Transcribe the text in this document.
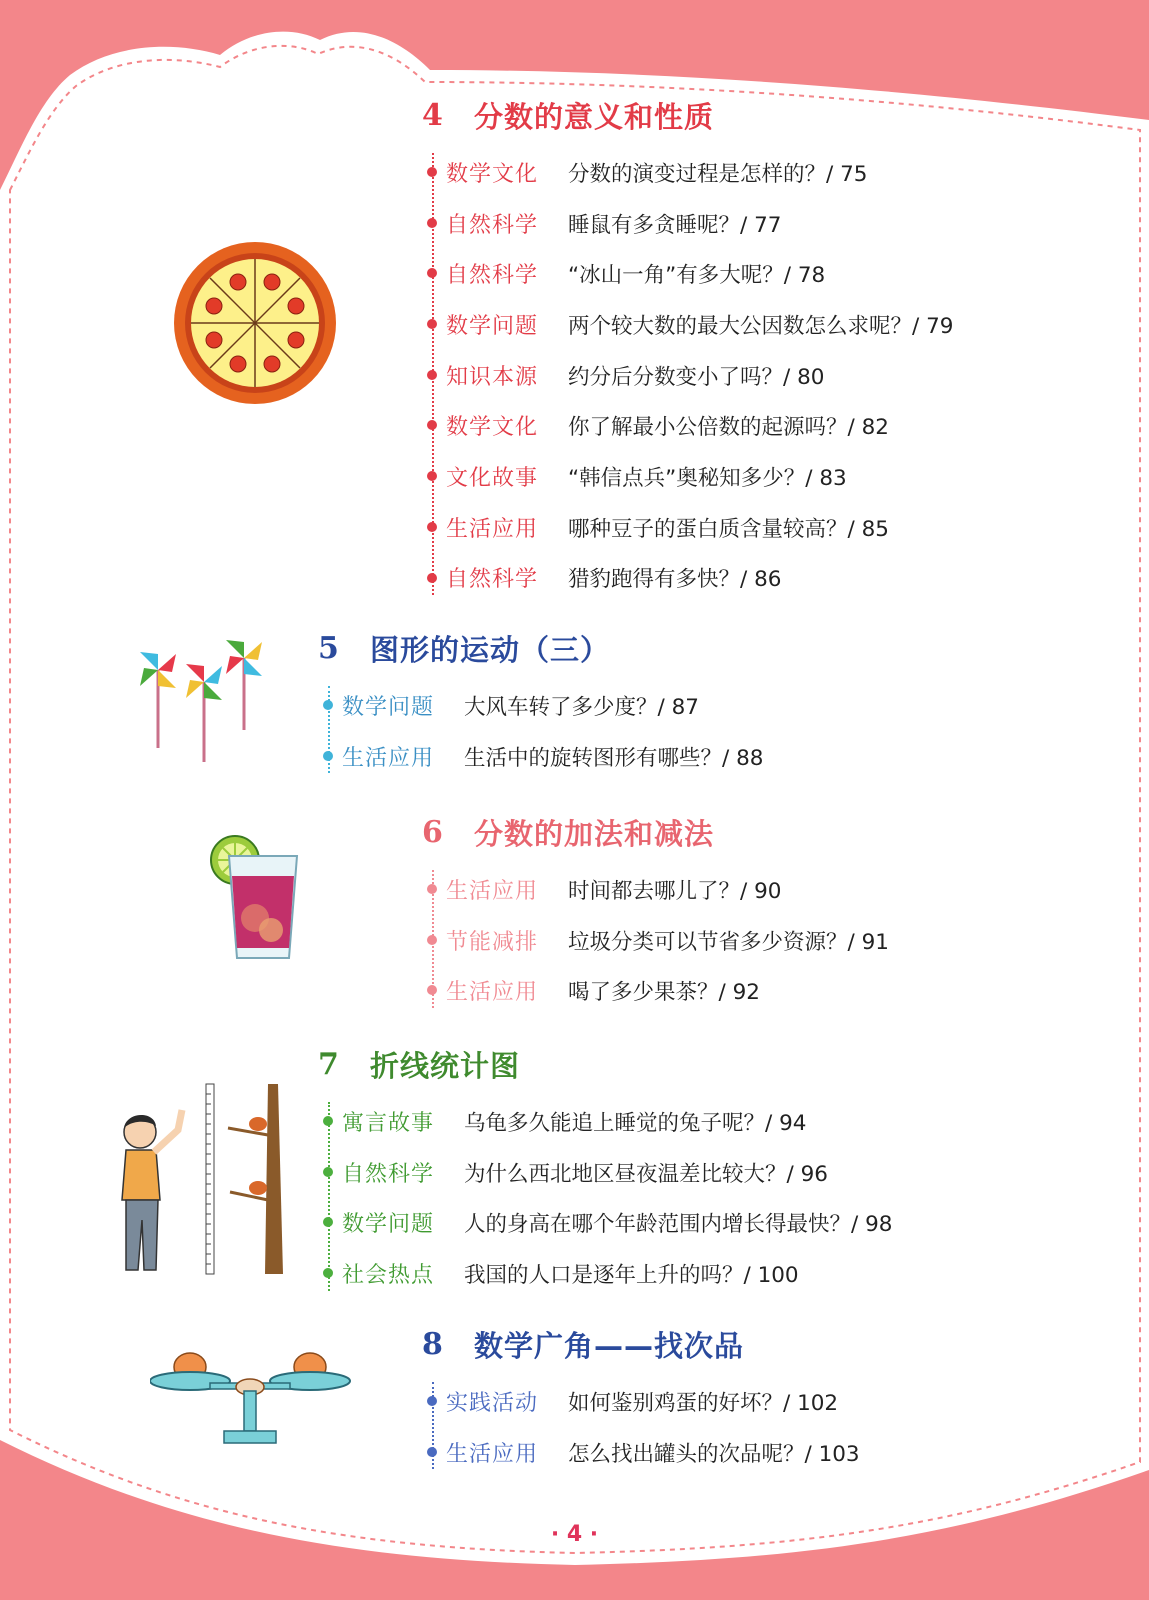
4	分数的意义和性质
数学文化	分数的演变过程是怎样的？/ 75
自然科学	睡鼠有多贪睡呢？/ 77
自然科学	“冰山一角”有多大呢？/ 78
数学问题	两个较大数的最大公因数怎么求呢？/ 79
知识本源	约分后分数变小了吗？/ 80
数学文化	你了解最小公倍数的起源吗？/ 82
文化故事	“韩信点兵”奥秘知多少？/ 83
生活应用	哪种豆子的蛋白质含量较高？/ 85
自然科学	猎豹跑得有多快？/ 86
5	图形的运动（三）
数学问题	大风车转了多少度？/ 87
生活应用	生活中的旋转图形有哪些？/ 88
6	分数的加法和减法
生活应用	时间都去哪儿了？/ 90
节能减排	垃圾分类可以节省多少资源？/ 91
生活应用	喝了多少果茶？/ 92
7	折线统计图
寓言故事	乌龟多久能追上睡觉的兔子呢？/ 94
自然科学	为什么西北地区昼夜温差比较大？/ 96
数学问题	人的身高在哪个年龄范围内增长得最快？/ 98
社会热点	我国的人口是逐年上升的吗？/ 100
8	数学广角——找次品
实践活动	如何鉴别鸡蛋的好坏？/ 102
生活应用	怎么找出罐头的次品呢？/ 103
· 4 ·
